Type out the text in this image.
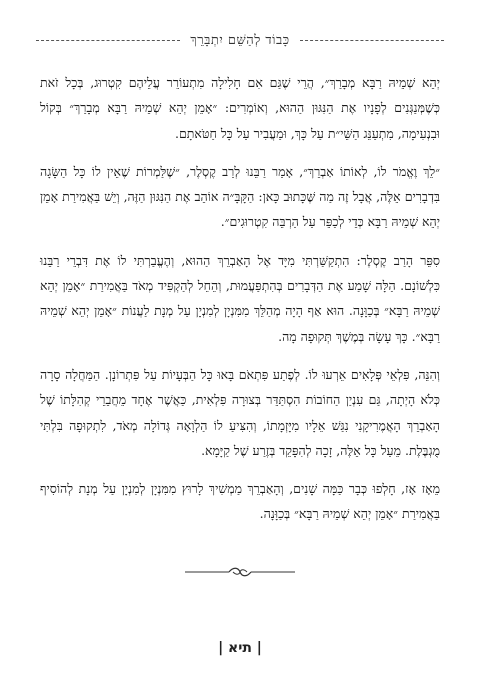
כָּבוֹד לְהַשֵּׁם יִתְבָּרֵךְ

יְהֵא שְׁמֵיהּ רַבָּא מְבָרַךְ״, הֲרֵי שֶׁגַּם אִם חָלִילָה מִתְעוֹרֵר עֲלֵיהֶם קִטְרוּג, בְּכָל זֹאת כְּשֶׁמְּנַגְּנִים לְפָנָיו אֶת הַנִּגּוּן הַהוּא, וְאוֹמְרִים: ״אָמֵן יְהֵא שְׁמֵיהּ רַבָּא מְבָרַךְ״ בְּקוֹל וּבִנְעִימָה, מִתְעַנֵּג הַשֵּׁי״ת עַל כָּךְ, וּמַעֲבִיר עַל כָּל חַטֹּאתָם.

״לֵךְ וֶאֱמֹר לוֹ, לְאוֹתוֹ אַבְרֵךְ״, אָמַר רַבֵּנוּ לְרַב קֶסְלֶר, ״שֶׁלַּמְרוֹת שֶׁאֵין לוֹ כָּל הַשָּׂגָה בִּדְבָרִים אֵלֶּה, אֲבָל זֶה מַה שֶּׁכָּתוּב כָּאן: הַקָּבָּ״ה אוֹהֵב אֶת הַנִּגּוּן הַזֶּה, וְיֵשׁ בַּאֲמִירַת אָמֵן יְהֵא שְׁמֵיהּ רַבָּא כְּדֵי לְכַפֵּר עַל הַרְבֵּה קִטְרוּגִים״.

סִפֵּר הָרַב קֶסְלֶר: הִתְקַשַּׁרְתִּי מִיָּד אֶל הָאַבְרֵךְ הַהוּא, וְהֶעֱבַרְתִּי לוֹ אֶת דִּבְרֵי רַבֵּנוּ כִּלְשׁוֹנָם. הַלָּה שָׁמַע אֶת הַדְּבָרִים בְּהִתְפַּעֲמוּת, וְהֵחֵל לְהַקְפִּיד מְאֹד בַּאֲמִירַת ״אָמֵן יְהֵא שְׁמֵיהּ רַבָּא״ בְּכַוָּנָה. הוּא אַף הָיָה מְהַלֵּךְ מִמִּנְיָן לְמִנְיָן עַל מְנָת לַעֲנוֹת ״אָמֵן יְהֵא שְׁמֵיהּ רַבָּא״. כָּךְ עָשָׂה בְּמֶשֶׁךְ תְּקוּפָה מָה.

וְהִנֵּה, פִּלְאֵי פְּלָאִים אֵרְעוּ לוֹ. לְפֶתַע פִּתְאֹם בָּאוּ כָּל הַבְּעָיוֹת עַל פִּתְרוֹנָן. הַמַּחֲלָה סָרָה כְּלֹא הָיְתָה, גַּם עִנְיַן הַחוֹבוֹת הִסְתַּדֵּר בְּצוּרָה פִּלְאִית, כַּאֲשֶׁר אֶחָד מֵחֲבֵרֵי קְהִלָּתוֹ שֶׁל הָאַבְרֵךְ הָאֲמֶרִיקָנִי נִגַּשׁ אֵלָיו מִיָּזְמָתוֹ, וְהִצִּיעַ לוֹ הַלְוָאָה גְּדוֹלָה מְאֹד, לִתְקוּפָה בִּלְתִּי מֻגְבֶּלֶת. מֵעַל כָּל אֵלֶּה, זָכָה לְהִפָּקֵד בְּזֶרַע שֶׁל קַיָּמָא.

מֵאָז אָז, חָלְפוּ כְּבָר כַּמָּה שָׁנִים, וְהָאַבְרֵךְ מַמְשִׁיךְ לָרוּץ מִמִּנְיָן לְמִנְיָן עַל מְנָת לְהוֹסִיף בַּאֲמִירַת ״אָמֵן יְהֵא שְׁמֵיהּ רַבָּא״ בְּכַוָּנָה.

| תיא |
